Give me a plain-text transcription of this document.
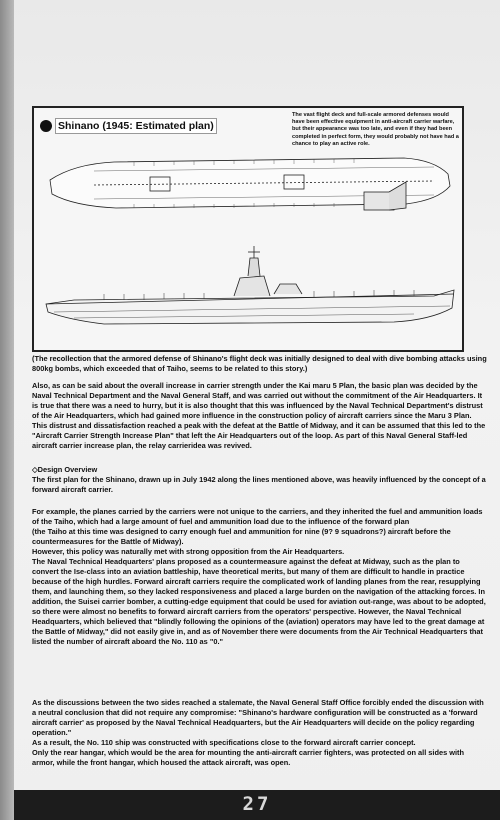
Shinano (1945: Estimated plan)
The vast flight deck and full-scale armored defenses would have been effective equipment in anti-aircraft carrier warfare, but their appearance was too late, and even if they had been completed in perfect form, they would probably not have had a chance to play an active role.

(The recollection that the armored defense of Shinano's flight deck was initially designed to deal with dive bombing attacks using 800kg bombs, which exceeded that of Taiho, seems to be related to this story.)

Also, as can be said about the overall increase in carrier strength under the Kai maru 5 Plan, the basic plan was decided by the Naval Technical Department and the Naval General Staff, and was carried out without the commitment of the Air Headquarters. It is true that there was a need to hurry, but it is also thought that this was influenced by the Naval Technical Department's distrust of the Air Headquarters, which had gained more influence in the construction policy of aircraft carriers since the Maru 3 Plan. This distrust and dissatisfaction reached a peak with the defeat at the Battle of Midway, and it can be assumed that this led to the "Aircraft Carrier Strength Increase Plan" that left the Air Headquarters out of the loop. As part of this Naval General Staff-led aircraft carrier increase plan, the relay carrieridea was revived.

◇Design Overview

The first plan for the Shinano, drawn up in July 1942 along the lines mentioned above, was heavily influenced by the concept of a forward aircraft carrier.

For example, the planes carried by the carriers were not unique to the carriers, and they inherited the fuel and ammunition loads of the Taiho, which had a large amount of fuel and ammunition load due to the influence of the forward plan

(the Taiho at this time was designed to carry enough fuel and ammunition for nine (9? 9 squadrons?) aircraft before the countermeasures for the Battle of Midway).

However, this policy was naturally met with strong opposition from the Air Headquarters.

The Naval Technical Headquarters' plans proposed as a countermeasure against the defeat at Midway, such as the plan to convert the Ise-class into an aviation battleship, have theoretical merits, but many of them are difficult to handle in practice because of the high hurdles. Forward aircraft carriers require the complicated work of landing planes from the rear, resupplying them, and launching them, so they lacked responsiveness and placed a large burden on the navigation of the attacking forces. In addition, the Suisei carrier bomber, a cutting-edge equipment that could be used for aviation out-range, was about to be adopted, so there were almost no benefits to forward aircraft carriers from the operators' perspective. However, the Naval Technical Headquarters, which believed that "blindly following the opinions of the (aviation) operators may have led to the great damage at the Battle of Midway," did not easily give in, and as of November there were documents from the Air Technical Headquarters that listed the number of aircraft aboard the No. 110 as "0."

As the discussions between the two sides reached a stalemate, the Naval General Staff Office forcibly ended the discussion with a neutral conclusion that did not require any compromise: "Shinano's hardware configuration will be constructed as a 'forward aircraft carrier' as proposed by the Naval Technical Headquarters, but the Air Headquarters will decide on the policy regarding operation."

As a result, the No. 110 ship was constructed with specifications close to the forward aircraft carrier concept.

Only the rear hangar, which would be the area for mounting the anti-aircraft carrier fighters, was protected on all sides with armor, while the front hangar, which housed the attack aircraft, was open.

27
